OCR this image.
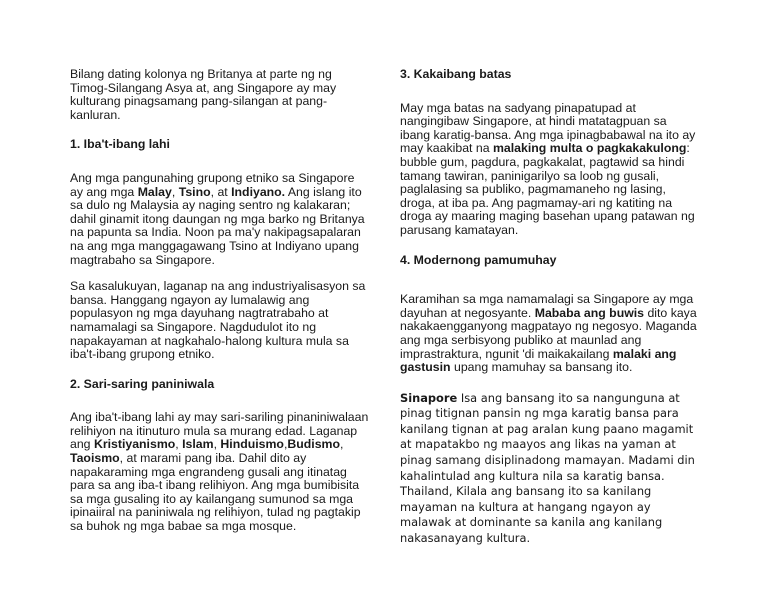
Bilang dating kolonya ng Britanya at parte ng ng Timog-Silangang Asya at, ang Singapore ay may kulturang pinagsamang pang-silangan at pang-kanluran.

1. Iba't-ibang lahi

Ang mga pangunahing grupong etniko sa Singapore ay ang mga Malay, Tsino, at Indiyano. Ang islang ito sa dulo ng Malaysia ay naging sentro ng kalakaran; dahil ginamit itong daungan ng mga barko ng Britanya na papunta sa India. Noon pa ma'y nakipagsapalaran na ang mga manggagawang Tsino at Indiyano upang magtrabaho sa Singapore.

Sa kasalukuyan, laganap na ang industriyalisasyon sa bansa. Hanggang ngayon ay lumalawig ang populasyon ng mga dayuhang nagtratrabaho at namamalagi sa Singapore. Nagdudulot ito ng napakayaman at nagkahalo-halong kultura mula sa iba't-ibang grupong etniko.

2. Sari-saring paniniwala

Ang iba't-ibang lahi ay may sari-sariling pinaniniwalaan relihiyon na itinuturo mula sa murang edad. Laganap ang Kristiyanismo, Islam, Hinduismo,Budismo, Taoismo, at marami pang iba. Dahil dito ay napakaraming mga engrandeng gusali ang itinatag para sa ang iba-t ibang relihiyon. Ang mga bumibisita sa mga gusaling ito ay kailangang sumunod sa mga ipinaiiral na paniniwala ng relihiyon, tulad ng pagtakip sa buhok ng mga babae sa mga mosque.

3. Kakaibang batas

May mga batas na sadyang pinapatupad at nangingibaw Singapore, at hindi matatagpuan sa ibang karatig-bansa. Ang mga ipinagbabawal na ito ay may kaakibat na malaking multa o pagkakakulong: bubble gum, pagdura, pagkakalat, pagtawid sa hindi tamang tawiran, paninigarilyo sa loob ng gusali, paglalasing sa publiko, pagmamaneho ng lasing, droga, at iba pa. Ang pagmamay-ari ng katiting na droga ay maaring maging basehan upang patawan ng parusang kamatayan.

4. Modernong pamumuhay

Karamihan sa mga namamalagi sa Singapore ay mga dayuhan at negosyante. Mababa ang buwis dito kaya nakakaengganyong magpatayo ng negosyo. Maganda ang mga serbisyong publiko at maunlad ang imprastraktura, ngunit 'di maikakailang malaki ang gastusin upang mamuhay sa bansang ito.

Sinapore Isa ang bansang ito sa nangunguna at pinag titignan pansin ng mga karatig bansa para kanilang tignan at pag aralan kung paano magamit at mapatakbo ng maayos ang likas na yaman at pinag samang disiplinadong mamayan. Madami din kahalintulad ang kultura nila sa karatig bansa.

Thailand, Kilala ang bansang ito sa kanilang mayaman na kultura at hangang ngayon ay malawak at dominante sa kanila ang kanilang nakasanayang kultura.
